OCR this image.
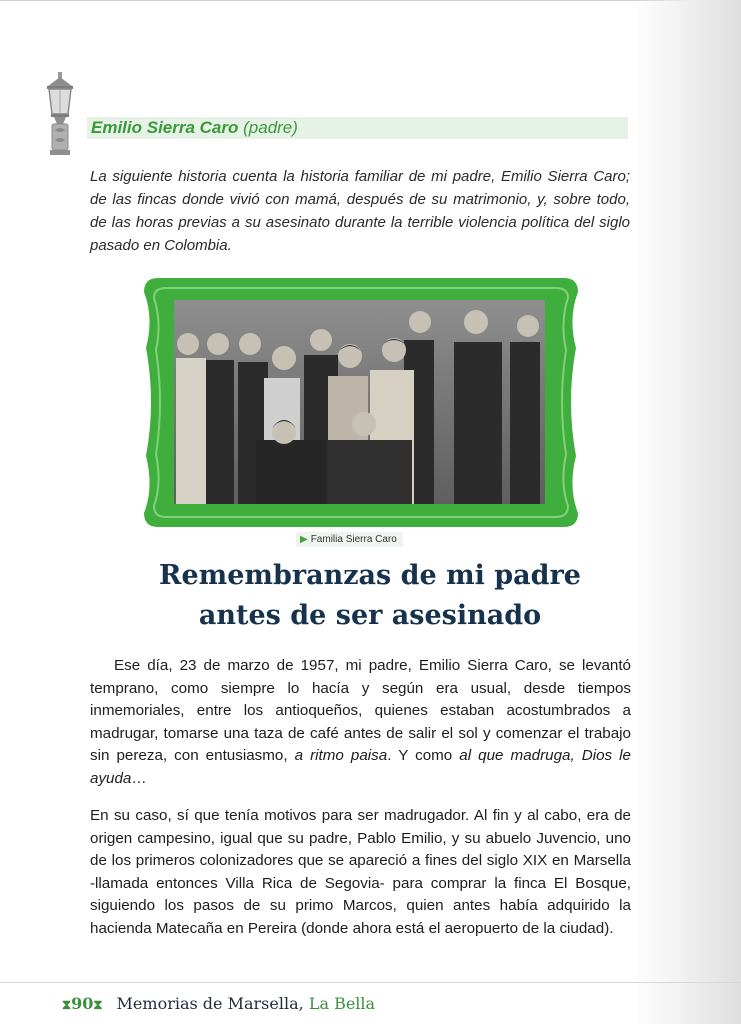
Emilio Sierra Caro (padre)

La siguiente historia cuenta la historia familiar de mi padre, Emilio Sierra Caro; de las fincas donde vivió con mamá, después de su matrimonio, y, sobre todo, de las horas previas a su asesinato durante la terrible violencia política del siglo pasado en Colombia.

▶ Familia Sierra Caro
Remembranzas de mi padre
antes de ser asesinado

Ese día, 23 de marzo de 1957, mi padre, Emilio Sierra Caro, se levantó temprano, como siempre lo hacía y según era usual, desde tiempos inmemoriales, entre los antioqueños, quienes estaban acostumbrados a madrugar, tomarse una taza de café antes de salir el sol y comenzar el trabajo sin pereza, con entusiasmo, a ritmo paisa. Y como al que madruga, Dios le ayuda…

En su caso, sí que tenía motivos para ser madrugador. Al fin y al cabo, era de origen campesino, igual que su padre, Pablo Emilio, y su abuelo Juvencio, uno de los primeros colonizadores que se apareció a fines del siglo XIX en Marsella -llamada entonces Villa Rica de Segovia- para comprar la finca El Bosque, siguiendo los pasos de su primo Marcos, quien antes había adquirido la hacienda Matecaña en Pereira (donde ahora está el aeropuerto de la ciudad).

⧗90⧗ Memorias de Marsella, La Bella
